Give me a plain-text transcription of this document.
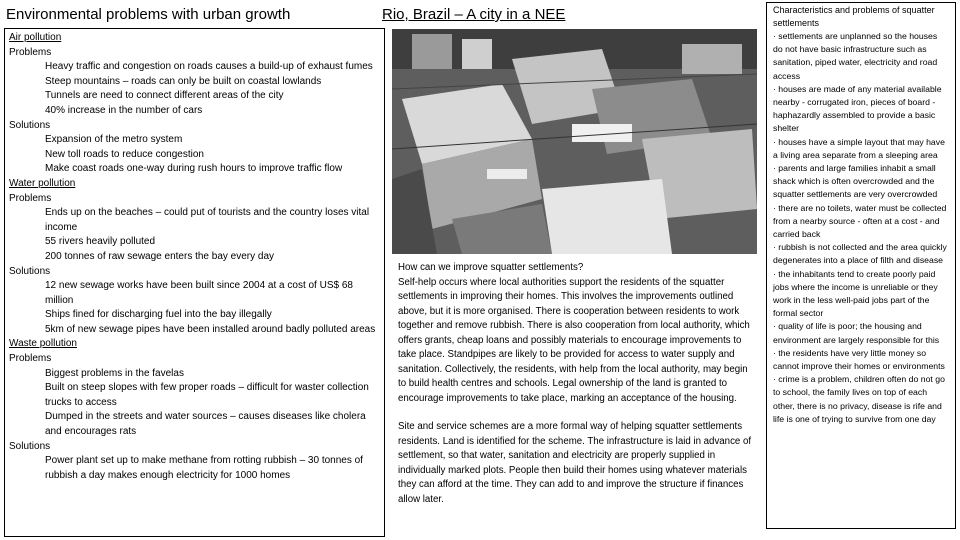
Environmental problems with urban growth	Rio, Brazil – A city in a NEE
Air pollution
Problems
Heavy traffic and congestion on roads causes a build-up of exhaust fumes
Steep mountains – roads can only be built on coastal lowlands
Tunnels are need to connect different areas of the city
40% increase in the number of cars
Solutions
Expansion of the metro system
New toll roads to reduce congestion
Make coast roads one-way during rush hours to improve traffic flow
Water pollution
Problems
Ends up on the beaches – could put of tourists and the country loses vital income
55 rivers heavily polluted
200 tonnes of raw sewage enters the bay every day
Solutions
12 new sewage works have been built since 2004 at a cost of US$ 68 million
Ships fined for discharging fuel into the bay illegally
5km of new sewage pipes have been installed around badly polluted areas
Waste pollution
Problems
Biggest problems in the favelas
Built on steep slopes with few proper roads – difficult for waster collection trucks to access
Dumped in the streets and water sources – causes diseases like cholera and encourages rats
Solutions
Power plant set up to make methane from rotting rubbish – 30 tonnes of rubbish a day makes enough electricity for 1000 homes
How can we improve squatter settlements?
Self-help occurs where local authorities support the residents of the squatter settlements in improving their homes. This involves the improvements outlined above, but it is more organised. There is cooperation between residents to work together and remove rubbish. There is also cooperation from local authority, which offers grants, cheap loans and possibly materials to encourage improvements to take place. Standpipes are likely to be provided for access to water supply and sanitation. Collectively, the residents, with help from the local authority, may begin to build health centres and schools. Legal ownership of the land is granted to encourage improvements to take place, marking an acceptance of the housing.
Site and service schemes are a more formal way of helping squatter settlements residents. Land is identified for the scheme. The infrastructure is laid in advance of settlement, so that water, sanitation and electricity are properly supplied in individually marked plots. People then build their homes using whatever materials they can afford at the time. They can add to and improve the structure if finances allow later.
Characteristics and problems of squatter settlements
· settlements are unplanned so the houses do not have basic infrastructure such as sanitation, piped water, electricity and road access
· houses are made of any material available nearby - corrugated iron, pieces of board - haphazardly assembled to provide a basic shelter
· houses have a simple layout that may have a living area separate from a sleeping area
· parents and large families inhabit a small shack which is often overcrowded and the squatter settlements are very overcrowded
· there are no toilets, water must be collected from a nearby source - often at a cost - and carried back
· rubbish is not collected and the area quickly degenerates into a place of filth and disease
· the inhabitants tend to create poorly paid jobs where the income is unreliable or they work in the less well-paid jobs part of the formal sector
· quality of life is poor; the housing and environment are largely responsible for this
· the residents have very little money so cannot improve their homes or environments
· crime is a problem, children often do not go to school, the family lives on top of each other, there is no privacy, disease is rife and life is one of trying to survive from one day
